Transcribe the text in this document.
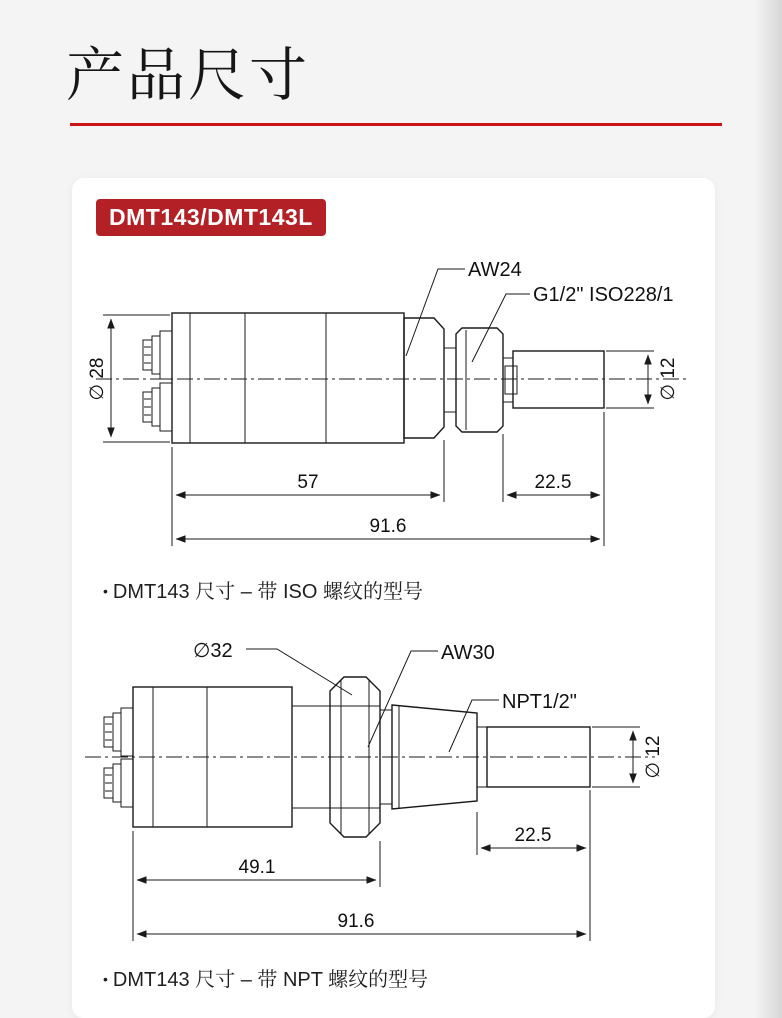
产品尺寸
DMT143/DMT143L
∅ 28	∅ 12
57	22.5
91.6
AW24
G1/2" ISO228/1
• DMT143 尺寸 – 带 ISO 螺纹的型号
∅ 12
22.5
49.1
91.6
∅32	AW30
NPT1/2"
• DMT143 尺寸 – 带 NPT 螺纹的型号
